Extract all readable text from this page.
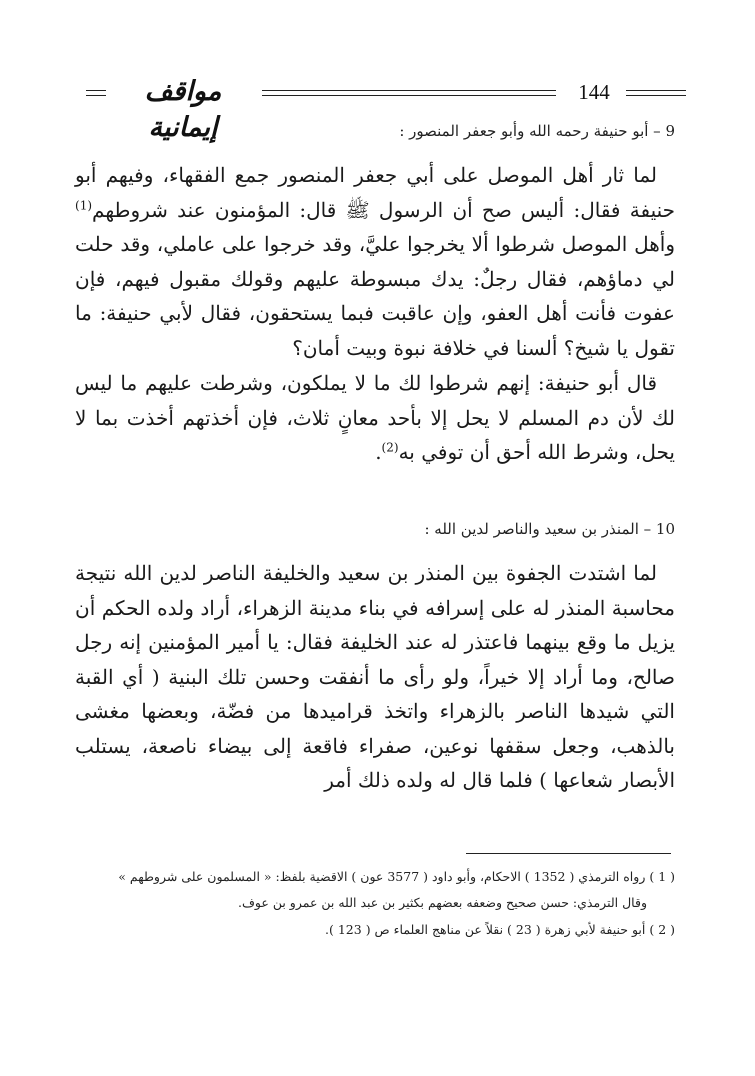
مواقف إيمانية
144
9 – أبو حنيفة رحمه الله وأبو جعفر المنصور :

لما ثار أهل الموصل على أبي جعفر المنصور جمع الفقهاء، وفيهم أبو حنيفة فقال: أليس صح أن الرسول ﷺ قال: المؤمنون عند شروطهم$^{(1)}$ وأهل الموصل شرطوا ألا يخرجوا عليَّ، وقد خرجوا على عاملي، وقد حلت لي دماؤهم، فقال رجلٌ: يدك مبسوطة عليهم وقولك مقبول فيهم، فإن عفوت فأنت أهل العفو، وإن عاقبت فبما يستحقون، فقال لأبي حنيفة: ما تقول يا شيخ؟ ألسنا في خلافة نبوة وبيت أمان؟

قال أبو حنيفة: إنهم شرطوا لك ما لا يملكون، وشرطت عليهم ما ليس لك لأن دم المسلم لا يحل إلا بأحد معانٍ ثلاث، فإن أخذتهم أخذت بما لا يحل، وشرط الله أحق أن توفي به$^{(2)}$.

10 – المنذر بن سعيد والناصر لدين الله :

لما اشتدت الجفوة بين المنذر بن سعيد والخليفة الناصر لدين الله نتيجة محاسبة المنذر له على إسرافه في بناء مدينة الزهراء، أراد ولده الحكم أن يزيل ما وقع بينهما فاعتذر له عند الخليفة فقال: يا أمير المؤمنين إنه رجل صالح، وما أراد إلا خيراً، ولو رأى ما أنفقت وحسن تلك البنية ( أي القبة التي شيدها الناصر بالزهراء واتخذ قراميدها من فضّة، وبعضها مغشى بالذهب، وجعل سقفها نوعين، صفراء فاقعة إلى بيضاء ناصعة، يستلب الأبصار شعاعها ) فلما قال له ولده ذلك أمر

( 1 ) رواه الترمذي ( 1352 ) الاحكام، وأبو داود ( 3577 عون ) الاقضية بلفظ: « المسلمون على شروطهم »
وقال الترمذي: حسن صحيح وضعفه بعضهم بكثير بن عبد الله بن عمرو بن عوف.
( 2 ) أبو حنيفة لأبي زهرة ( 23 ) نقلاً عن مناهج العلماء ص ( 123 ).
